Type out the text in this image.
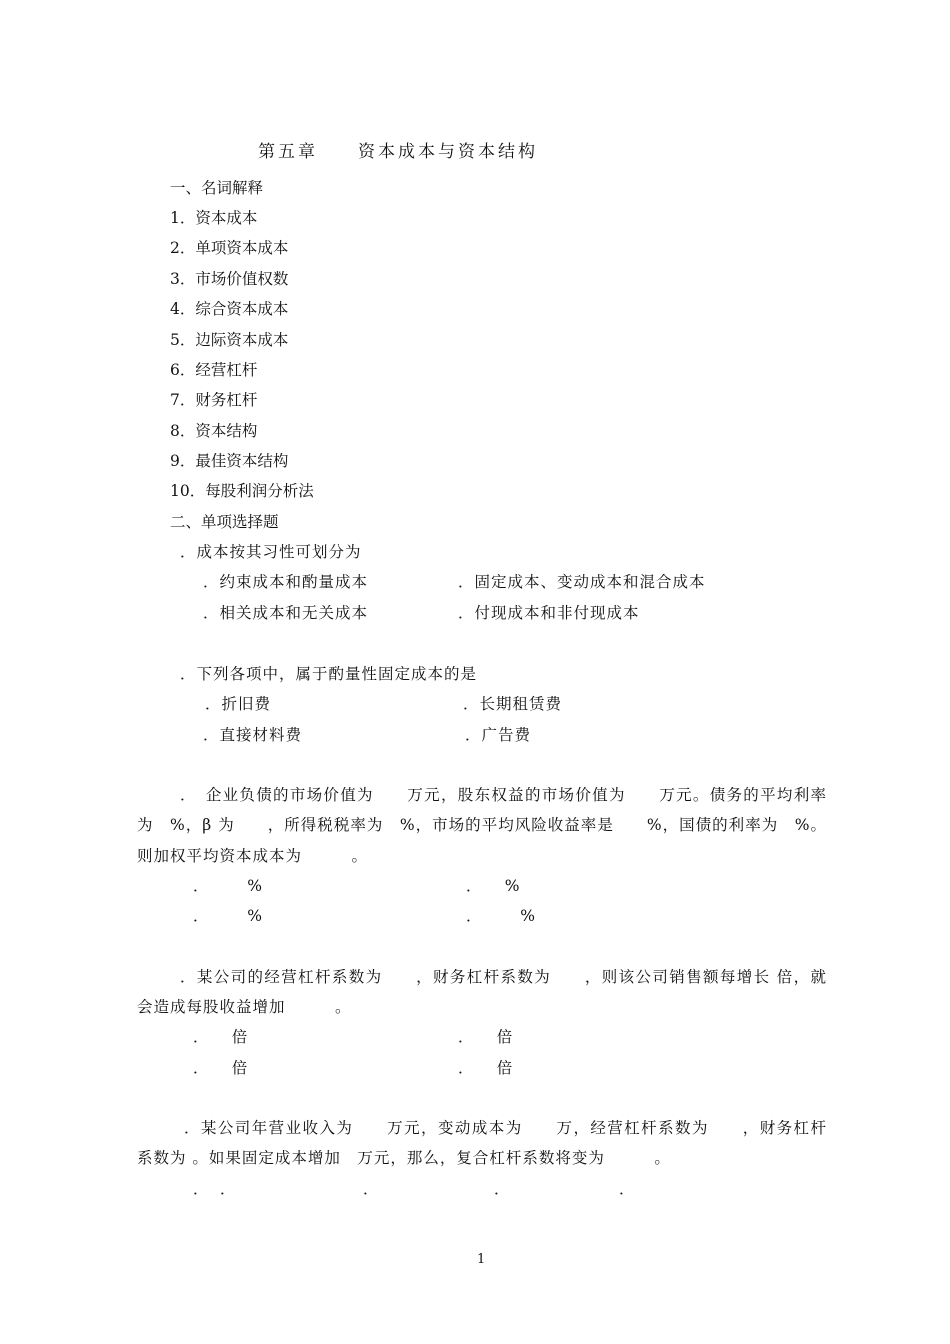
第五章 资本成本与资本结构
一、名词解释
1．资本成本
2．单项资本成本
3．市场价值权数
4．综合资本成本
5．边际资本成本
6．经营杠杆
7．财务杠杆
8．资本结构
9．最佳资本结构
10．每股利润分析法
二、单项选择题
．成本按其习性可划分为
．约束成本和酌量成本	．固定成本、变动成本和混合成本
．相关成本和无关成本	．付现成本和非付现成本
．下列各项中，属于酌量性固定成本的是
．折旧费	．长期租赁费
．直接材料费	．广告费
．　企业负债的市场价值为　　万元，股东权益的市场价值为　　万元。债务的平均利率为　%，β 为　　，所得税税率为　%，市场的平均风险收益率是　　%，国债的利率为　%。则加权平均资本成本为　　　。
．　　　%	．　　%
．　　　%	．　　　%
．某公司的经营杠杆系数为　　，财务杠杆系数为　　，则该公司销售额每增长 倍，就会造成每股收益增加　　　。
．　　倍	．　　倍
．　　倍	．　　倍
．某公司年营业收入为　　万元，变动成本为　　万，经营杠杆系数为　　，财务杠杆系数为 。如果固定成本增加　万元，那么，复合杠杆系数将变为　　　。
． ．	．	．	．
1
